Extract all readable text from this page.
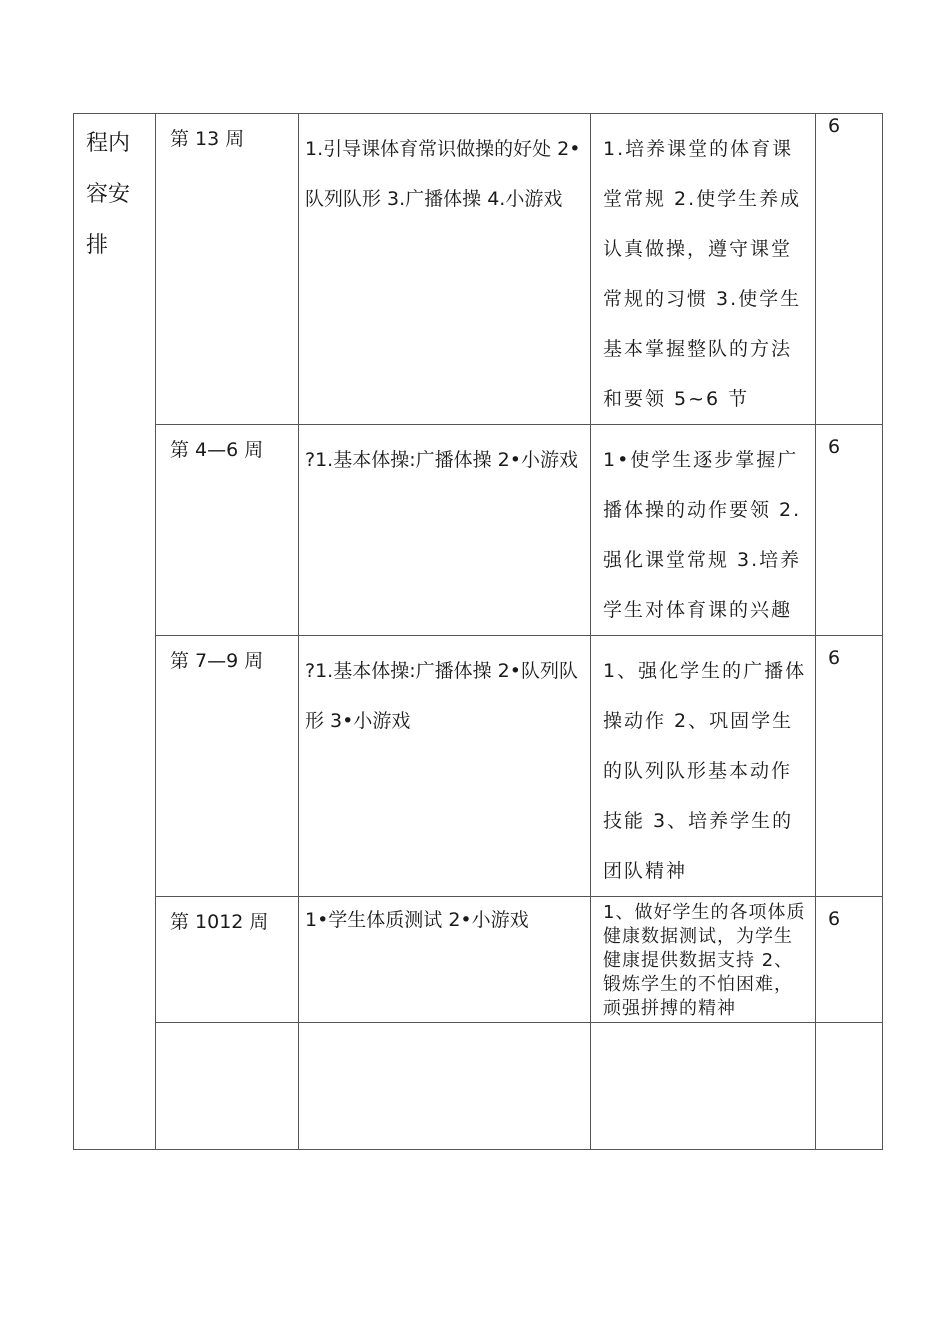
程内容安排	第 13 周	1.引导课体育常识做操的好处 2•队列队形 3.广播体操 4.小游戏	1.培养课堂的体育课堂常规 2.使学生养成认真做操，遵守课堂常规的习惯 3.使学生基本掌握整队的方法和要领 5~6 节	6

	第 4—6 周	?1.基本体操:广播体操 2•小游戏	1•使学生逐步掌握广播体操的动作要领 2.强化课堂常规 3.培养学生对体育课的兴趣	6

	第 7—9 周	?1.基本体操:广播体操 2•队列队形 3•小游戏	1、强化学生的广播体操动作 2、巩固学生的队列队形基本动作技能 3、培养学生的团队精神	6

	第 1012 周	1•学生体质测试 2•小游戏	1、做好学生的各项体质健康数据测试，为学生健康提供数据支持 2、锻炼学生的不怕困难，顽强拼搏的精神	6
